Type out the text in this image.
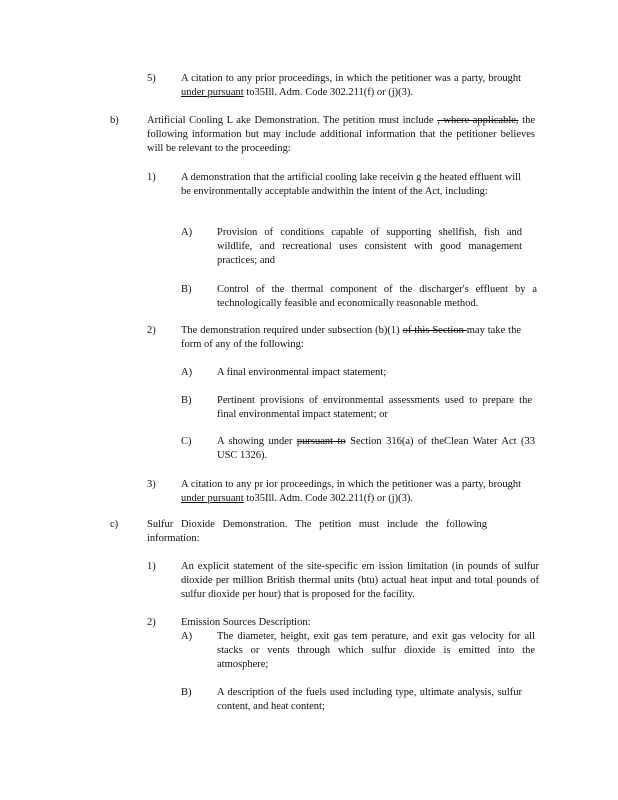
5) A citation to any prior proceedings, in which the petitioner was a party, brought under pursuant to35Ill. Adm. Code 302.211(f) or (j)(3).
b)	Artificial Cooling L ake Demonstration. The petition must include , where applicable, the following information but may include additional information that the petitioner believes will be relevant to the proceeding:
1) A demonstration that the artificial cooling lake receivin g the heated effluent will be environmentally acceptable andwithin the intent of the Act, including:
A) Provision of conditions capable of supporting shellfish, fish and wildlife, and recreational uses consistent with good management practices; and
B) Control of the thermal component of the discharger's effluent by a technologically feasible and economically reasonable method.
2) The demonstration required under subsection (b)(1) of this Section may take the form of any of the following:
A) A final environmental impact statement;
B) Pertinent provisions of environmental assessments used to prepare the final environmental impact statement; or
C) A showing under pursuant to Section 316(a) of theClean Water Act (33 USC 1326).
3) A citation to any pr ior proceedings, in which the petitioner was a party, brought under pursuant to35Ill. Adm. Code 302.211(f) or (j)(3).
c)	Sulfur Dioxide Demonstration. The petition must include the following information:
1) An explicit statement of the site-specific em ission limitation (in pounds of sulfur dioxide per million British thermal units (btu) actual heat input and total pounds of sulfur dioxide per hour) that is proposed for the facility.
2) Emission Sources Description:
A) The diameter, height, exit gas tem perature, and exit gas velocity for all stacks or vents through which sulfur dioxide is emitted into the atmosphere;
B) A description of the fuels used including type, ultimate analysis, sulfur content, and heat content;
